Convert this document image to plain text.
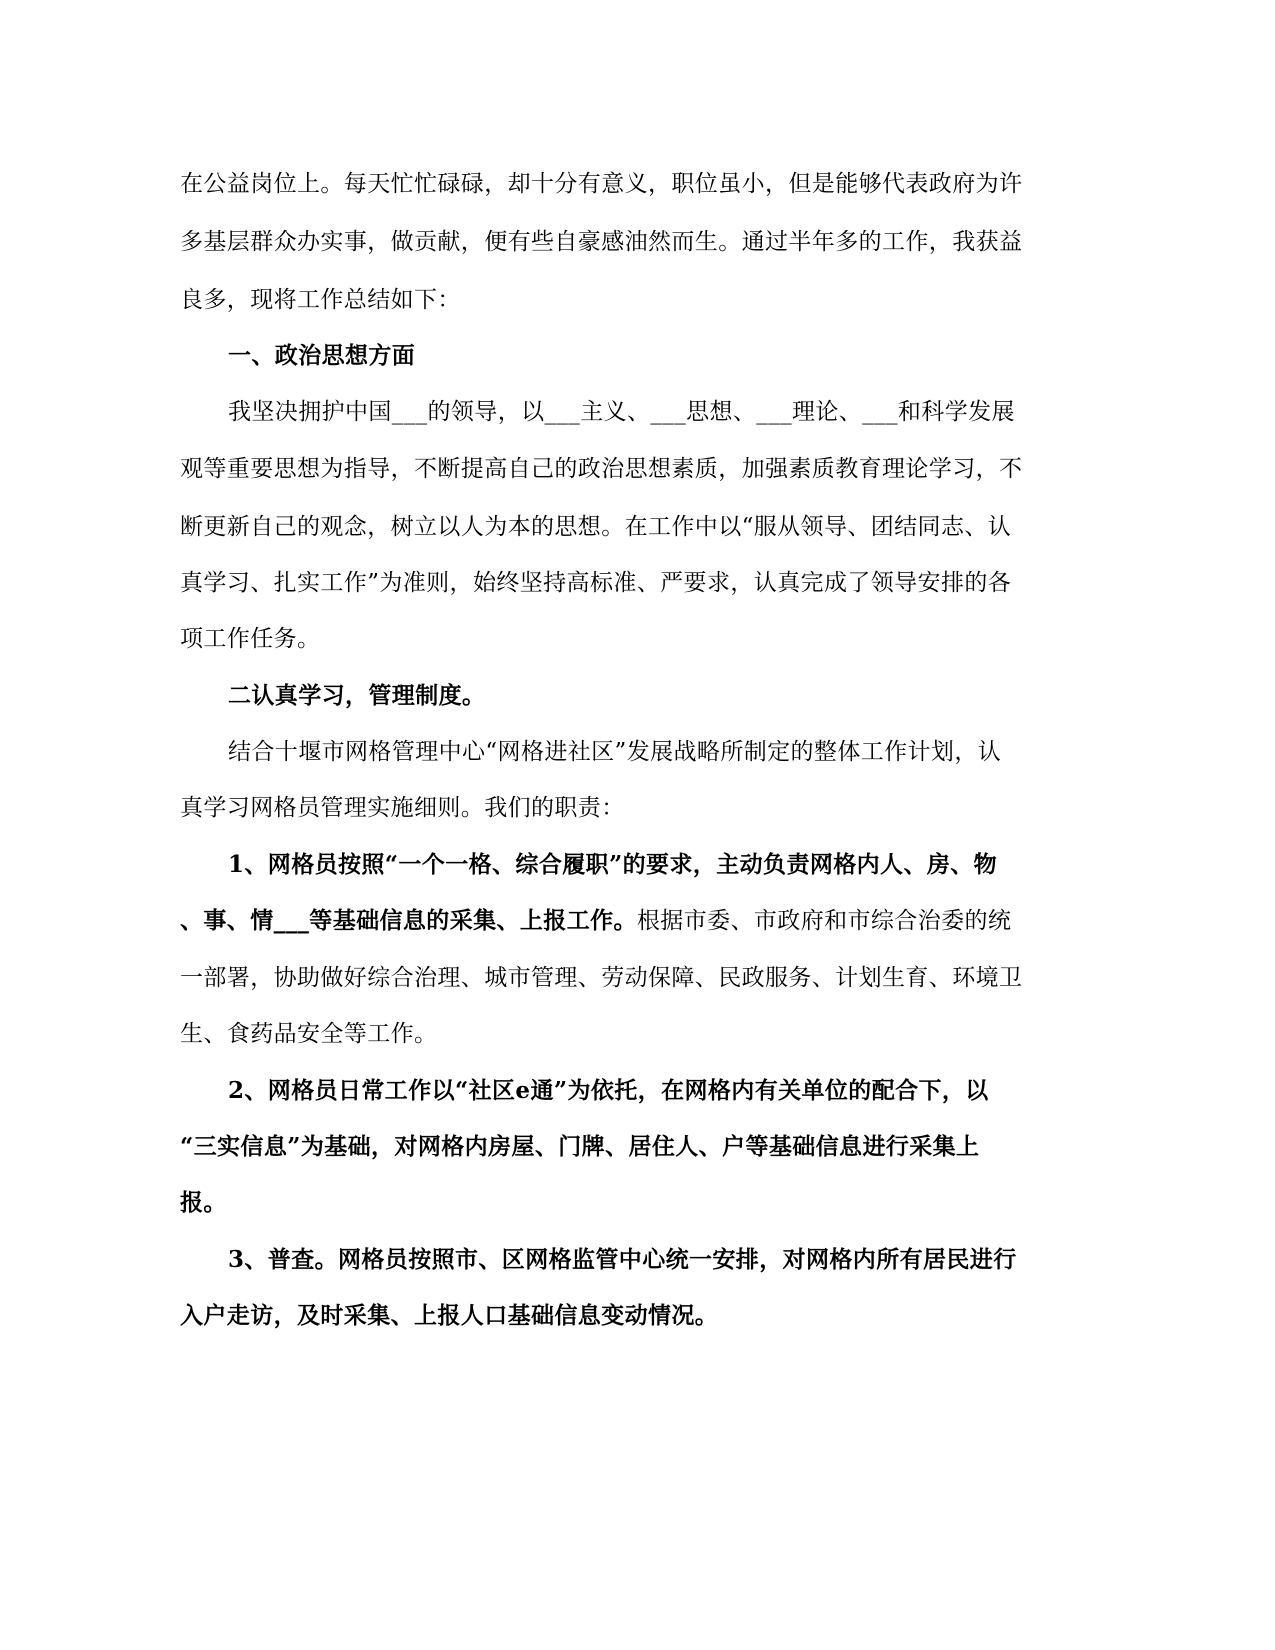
在公益岗位上。每天忙忙碌碌，却十分有意义，职位虽小，但是能够代表政府为许
多基层群众办实事，做贡献，便有些自豪感油然而生。通过半年多的工作，我获益
良多，现将工作总结如下：
一、政治思想方面
我坚决拥护中国___的领导，以___主义、___思想、___理论、___和科学发展
观等重要思想为指导，不断提高自己的政治思想素质，加强素质教育理论学习，不
断更新自己的观念，树立以人为本的思想。在工作中以“服从领导、团结同志、认
真学习、扎实工作”为准则，始终坚持高标准、严要求，认真完成了领导安排的各
项工作任务。
二认真学习，管理制度。
结合十堰市网格管理中心“网格进社区”发展战略所制定的整体工作计划，认
真学习网格员管理实施细则。我们的职责：
1、网格员按照“一个一格、综合履职”的要求，主动负责网格内人、房、物
、事、情___等基础信息的采集、上报工作。根据市委、市政府和市综合治委的统
一部署，协助做好综合治理、城市管理、劳动保障、民政服务、计划生育、环境卫
生、食药品安全等工作。
2、网格员日常工作以“社区e通”为依托，在网格内有关单位的配合下，以
“三实信息”为基础，对网格内房屋、门牌、居住人、户等基础信息进行采集上
报。
3、普查。网格员按照市、区网格监管中心统一安排，对网格内所有居民进行
入户走访，及时采集、上报人口基础信息变动情况。
